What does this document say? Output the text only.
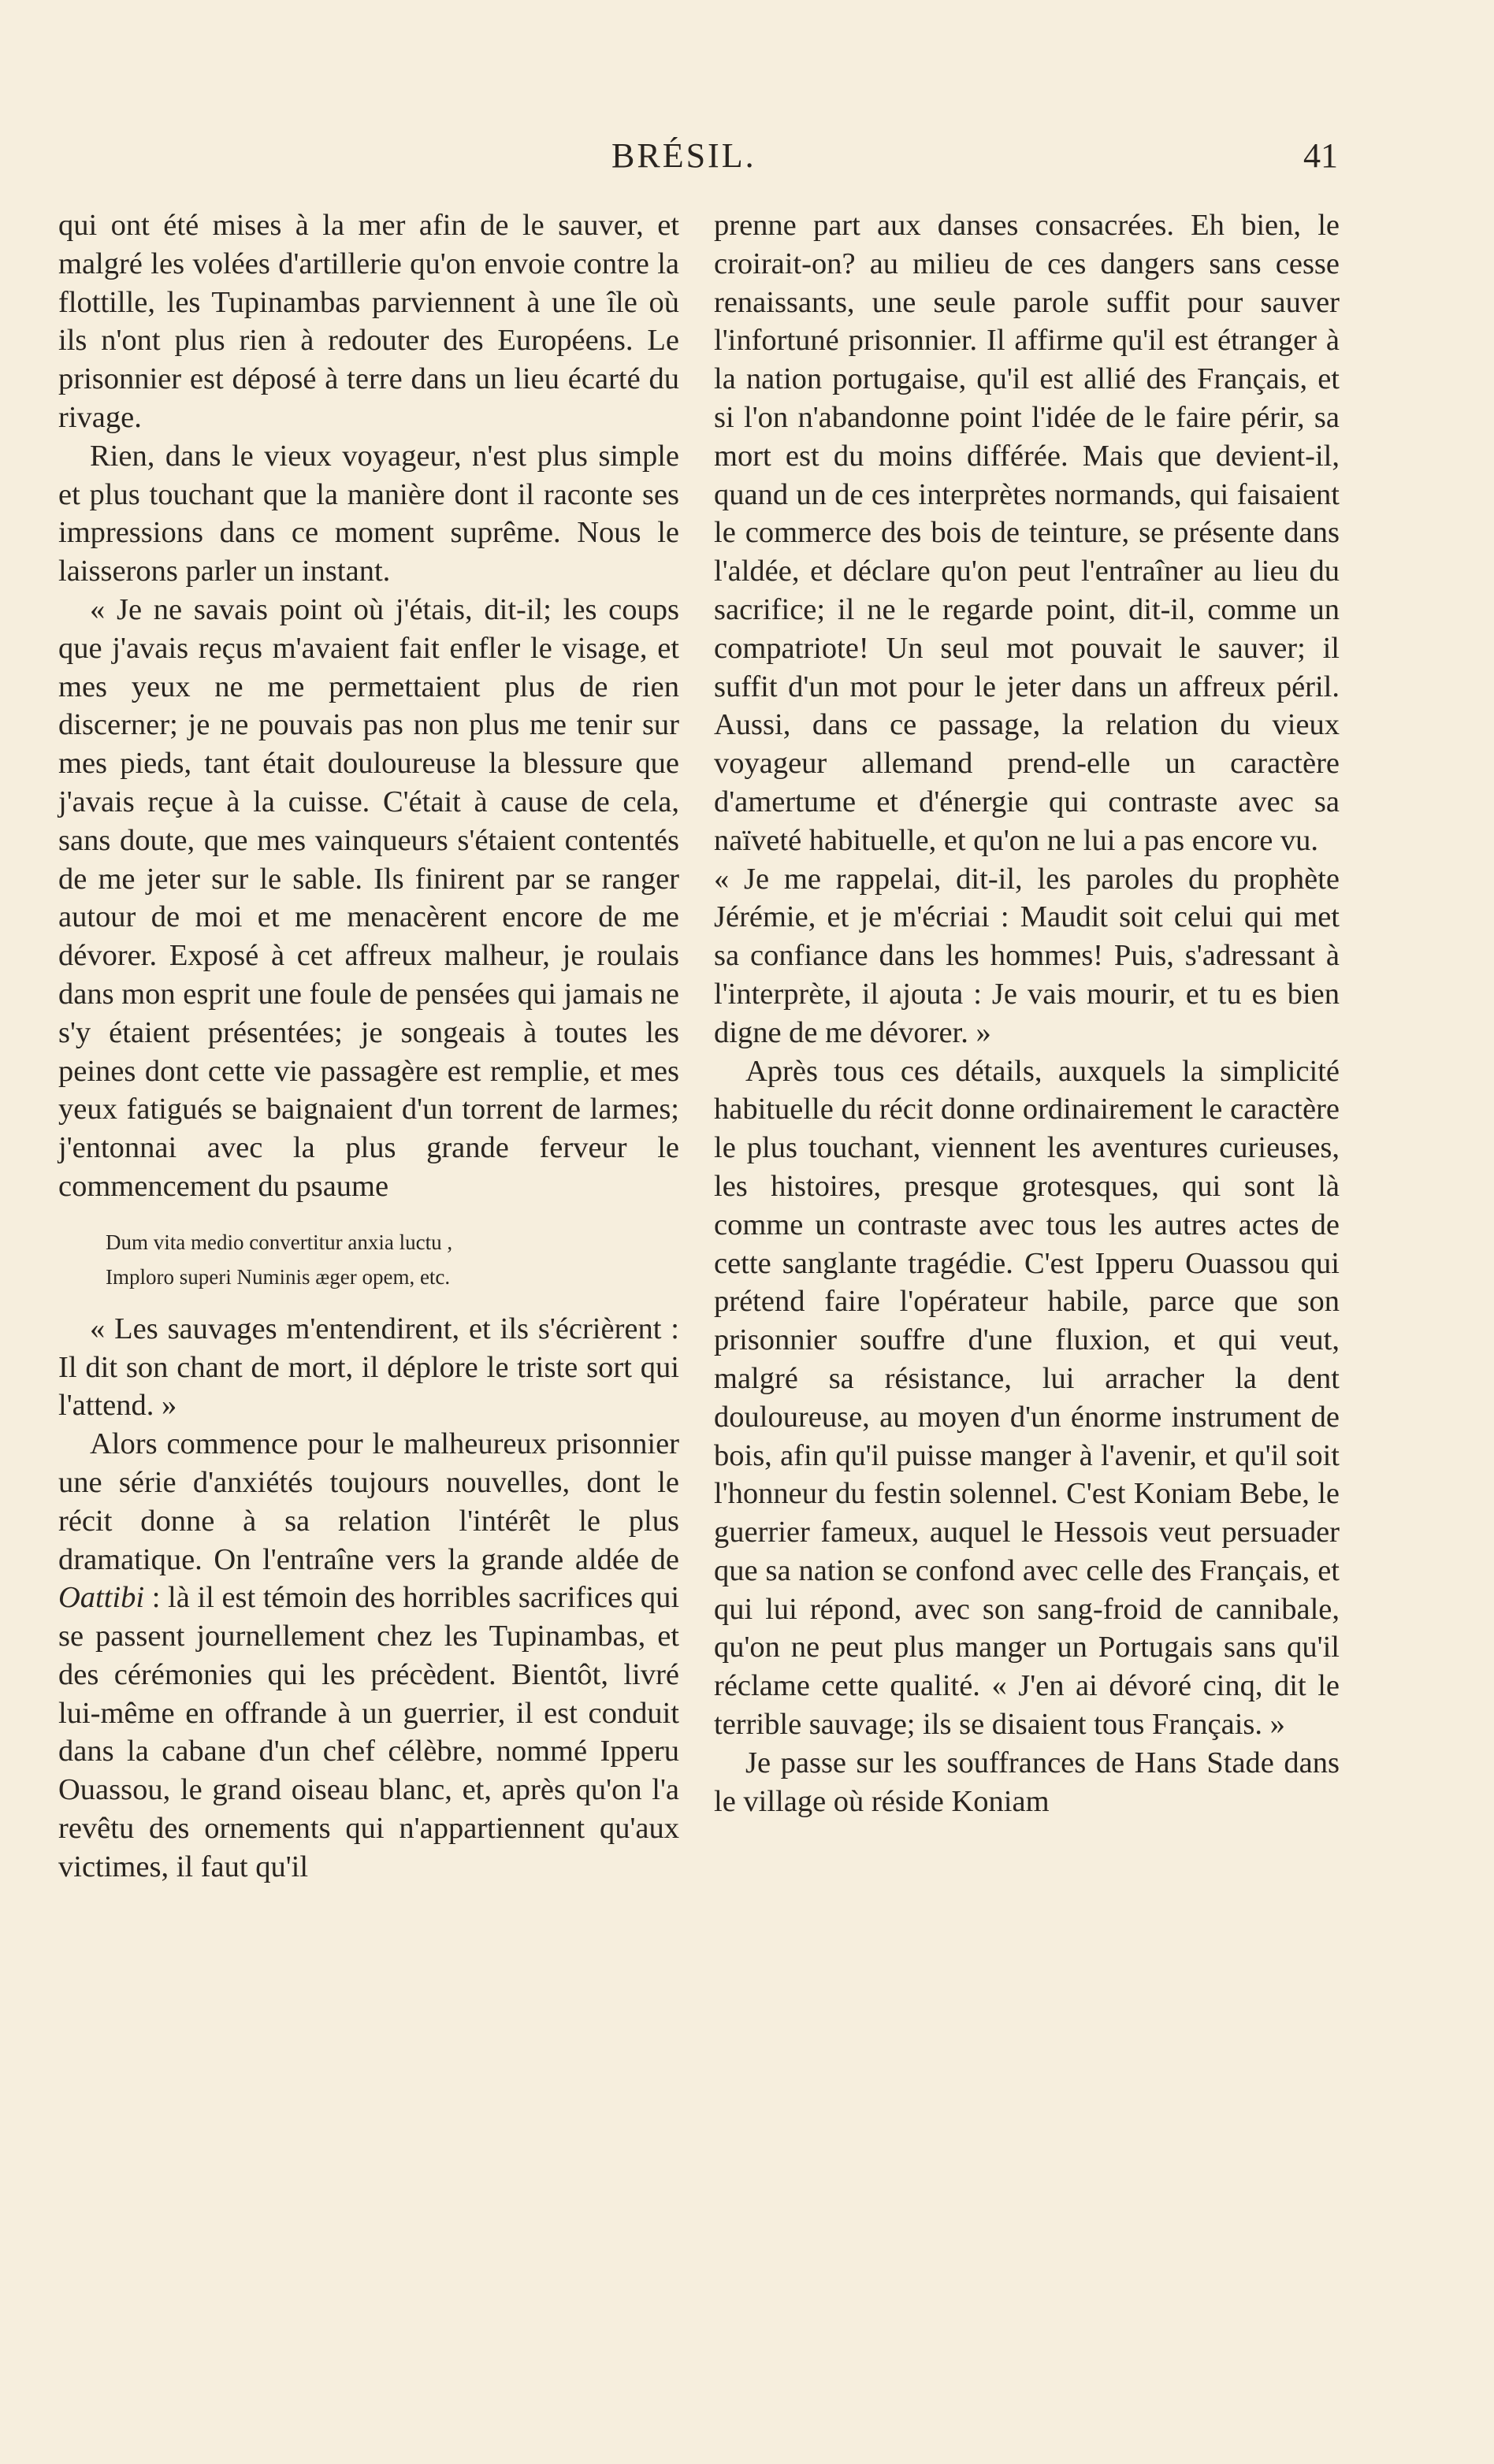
BRÉSIL.	41

qui ont été mises à la mer afin de le sauver, et malgré les volées d'artillerie qu'on envoie contre la flottille, les Tupinambas parviennent à une île où ils n'ont plus rien à redouter des Européens. Le prisonnier est déposé à terre dans un lieu écarté du rivage.

Rien, dans le vieux voyageur, n'est plus simple et plus touchant que la manière dont il raconte ses impressions dans ce moment suprême. Nous le laisserons parler un instant.

« Je ne savais point où j'étais, dit-il; les coups que j'avais reçus m'avaient fait enfler le visage, et mes yeux ne me permettaient plus de rien discerner; je ne pouvais pas non plus me tenir sur mes pieds, tant était douloureuse la blessure que j'avais reçue à la cuisse. C'était à cause de cela, sans doute, que mes vainqueurs s'étaient contentés de me jeter sur le sable. Ils finirent par se ranger autour de moi et me menacèrent encore de me dévorer. Exposé à cet affreux malheur, je roulais dans mon esprit une foule de pensées qui jamais ne s'y étaient présentées; je songeais à toutes les peines dont cette vie passagère est remplie, et mes yeux fatigués se baignaient d'un torrent de larmes; j'entonnai avec la plus grande ferveur le commencement du psaume

Dum vita medio convertitur anxia luctu ,
Imploro superi Numinis æger opem, etc.

« Les sauvages m'entendirent, et ils s'écrièrent : Il dit son chant de mort, il déplore le triste sort qui l'attend. »

Alors commence pour le malheureux prisonnier une série d'anxiétés toujours nouvelles, dont le récit donne à sa relation l'intérêt le plus dramatique. On l'entraîne vers la grande aldée de Oattibi : là il est témoin des horribles sacrifices qui se passent journellement chez les Tupinambas, et des cérémonies qui les précèdent. Bientôt, livré lui-même en offrande à un guerrier, il est conduit dans la cabane d'un chef célèbre, nommé Ipperu Ouassou, le grand oiseau blanc, et, après qu'on l'a revêtu des ornements qui n'appartiennent qu'aux victimes, il faut qu'il

prenne part aux danses consacrées. Eh bien, le croirait-on? au milieu de ces dangers sans cesse renaissants, une seule parole suffit pour sauver l'infortuné prisonnier. Il affirme qu'il est étranger à la nation portugaise, qu'il est allié des Français, et si l'on n'abandonne point l'idée de le faire périr, sa mort est du moins différée. Mais que devient-il, quand un de ces interprètes normands, qui faisaient le commerce des bois de teinture, se présente dans l'aldée, et déclare qu'on peut l'entraîner au lieu du sacrifice; il ne le regarde point, dit-il, comme un compatriote! Un seul mot pouvait le sauver; il suffit d'un mot pour le jeter dans un affreux péril. Aussi, dans ce passage, la relation du vieux voyageur allemand prend-elle un caractère d'amertume et d'énergie qui contraste avec sa naïveté habituelle, et qu'on ne lui a pas encore vu.

« Je me rappelai, dit-il, les paroles du prophète Jérémie, et je m'écriai : Maudit soit celui qui met sa confiance dans les hommes! Puis, s'adressant à l'interprète, il ajouta : Je vais mourir, et tu es bien digne de me dévorer. »

Après tous ces détails, auxquels la simplicité habituelle du récit donne ordinairement le caractère le plus touchant, viennent les aventures curieuses, les histoires, presque grotesques, qui sont là comme un contraste avec tous les autres actes de cette sanglante tragédie. C'est Ipperu Ouassou qui prétend faire l'opérateur habile, parce que son prisonnier souffre d'une fluxion, et qui veut, malgré sa résistance, lui arracher la dent douloureuse, au moyen d'un énorme instrument de bois, afin qu'il puisse manger à l'avenir, et qu'il soit l'honneur du festin solennel. C'est Koniam Bebe, le guerrier fameux, auquel le Hessois veut persuader que sa nation se confond avec celle des Français, et qui lui répond, avec son sang-froid de cannibale, qu'on ne peut plus manger un Portugais sans qu'il réclame cette qualité. « J'en ai dévoré cinq, dit le terrible sauvage; ils se disaient tous Français. »

Je passe sur les souffrances de Hans Stade dans le village où réside Koniam
